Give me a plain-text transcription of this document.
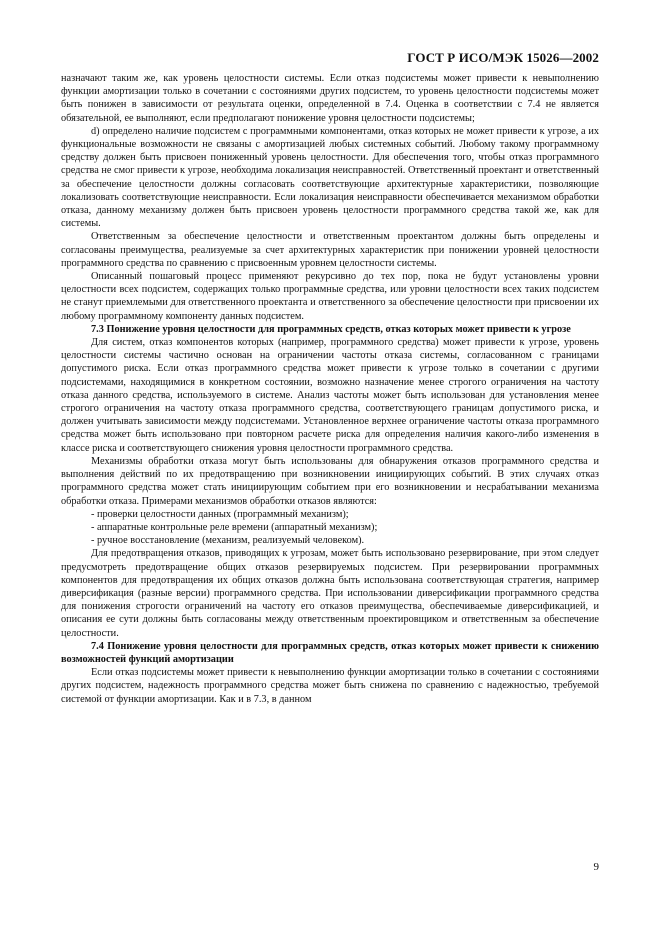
ГОСТ Р ИСО/МЭК 15026—2002

назначают таким же, как уровень целостности системы. Если отказ подсистемы может привести к невыполнению функции амортизации только в сочетании с состояниями других подсистем, то уровень целостности подсистемы может быть понижен в зависимости от результата оценки, определенной в 7.4. Оценка в соответствии с 7.4 не является обязательной, ее выполняют, если предполагают понижение уровня целостности подсистемы;

d) определено наличие подсистем с программными компонентами, отказ которых не может привести к угрозе, а их функциональные возможности не связаны с амортизацией любых системных событий. Любому такому программному средству должен быть присвоен пониженный уровень целостности. Для обеспечения того, чтобы отказ программного средства не смог привести к угрозе, необходима локализация неисправностей. Ответственный проектант и ответственный за обеспечение целостности должны согласовать соответствующие архитектурные характеристики, позволяющие локализовать соответствующие неисправности. Если локализация неисправности обеспечивается механизмом обработки отказа, данному механизму должен быть присвоен уровень целостности программного средства такой же, как для системы.

Ответственным за обеспечение целостности и ответственным проектантом должны быть определены и согласованы преимущества, реализуемые за счет архитектурных характеристик при понижении уровней целостности программного средства по сравнению с присвоенным уровнем целостности системы.

Описанный пошаговый процесс применяют рекурсивно до тех пор, пока не будут установлены уровни целостности всех подсистем, содержащих только программные средства, или уровни целостности всех таких подсистем не станут приемлемыми для ответственного проектанта и ответственного за обеспечение целостности при присвоении их любому программному компоненту данных подсистем.

7.3 Понижение уровня целостности для программных средств, отказ которых может привести к угрозе

Для систем, отказ компонентов которых (например, программного средства) может привести к угрозе, уровень целостности системы частично основан на ограничении частоты отказа системы, согласованном с границами допустимого риска. Если отказ программного средства может привести к угрозе только в сочетании с другими подсистемами, находящимися в конкретном состоянии, возможно назначение менее строгого ограничения на частоту отказа данного средства, используемого в системе. Анализ частоты может быть использован для установления менее строгого ограничения на частоту отказа программного средства, соответствующего границам допустимого риска, и должен учитывать зависимости между подсистемами. Установленное верхнее ограничение частоты отказа программного средства может быть использовано при повторном расчете риска для определения наличия какого-либо изменения в классе риска и соответствующего снижения уровня целостности программного средства.

Механизмы обработки отказа могут быть использованы для обнаружения отказов программного средства и выполнения действий по их предотвращению при возникновении инициирующих событий. В этих случаях отказ программного средства может стать инициирующим событием при его возникновении и несрабатывании механизма обработки отказа. Примерами механизмов обработки отказов являются:

- проверки целостности данных (программный механизм);
- аппаратные контрольные реле времени (аппаратный механизм);
- ручное восстановление (механизм, реализуемый человеком).

Для предотвращения отказов, приводящих к угрозам, может быть использовано резервирование, при этом следует предусмотреть предотвращение общих отказов резервируемых подсистем. При резервировании программных компонентов для предотвращения их общих отказов должна быть использована соответствующая стратегия, например диверсификация (разные версии) программного средства. При использовании диверсификации программного средства для понижения строгости ограничений на частоту его отказов преимущества, обеспечиваемые диверсификацией, и описания ее сути должны быть согласованы между ответственным проектировщиком и ответственным за обеспечение целостности.

7.4 Понижение уровня целостности для программных средств, отказ которых может привести к снижению возможностей функций амортизации

Если отказ подсистемы может привести к невыполнению функции амортизации только в сочетании с состояниями других подсистем, надежность программного средства может быть снижена по сравнению с надежностью, требуемой системой от функции амортизации. Как и в 7.3, в данном

9
